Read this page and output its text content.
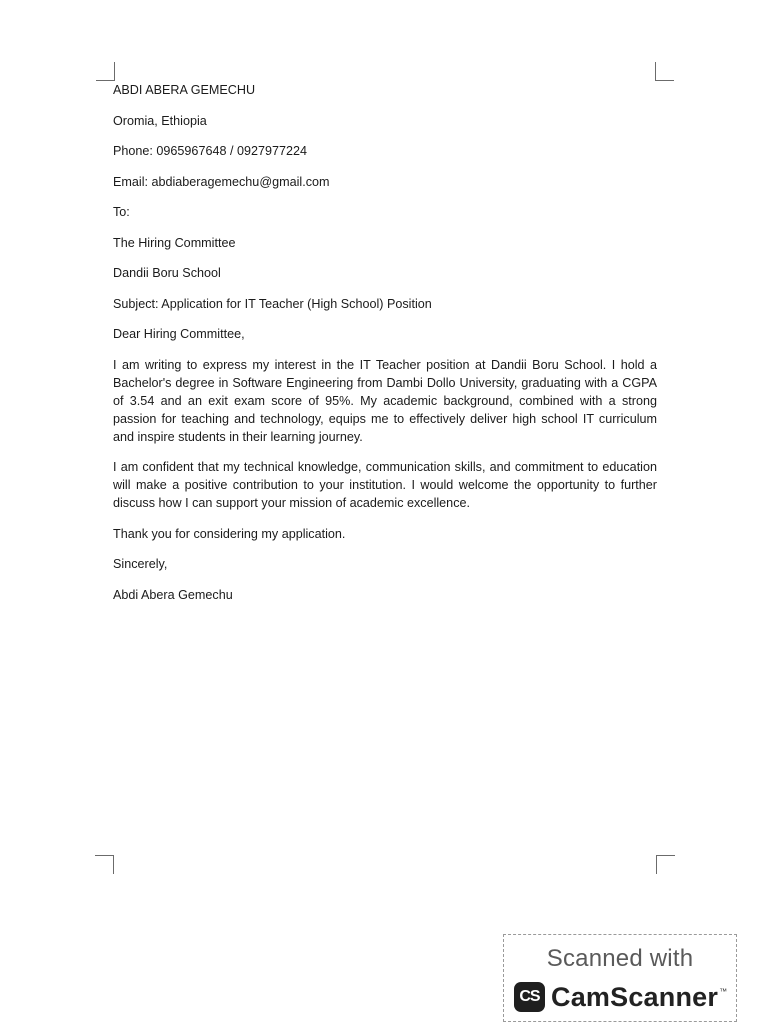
ABDI ABERA GEMECHU

Oromia, Ethiopia

Phone: 0965967648 / 0927977224

Email: abdiaberagemechu@gmail.com

To:

The Hiring Committee

Dandii Boru School

Subject: Application for IT Teacher (High School) Position

Dear Hiring Committee,

I am writing to express my interest in the IT Teacher position at Dandii Boru School. I hold a Bachelor's degree in Software Engineering from Dambi Dollo University, graduating with a CGPA of 3.54 and an exit exam score of 95%. My academic background, combined with a strong passion for teaching and technology, equips me to effectively deliver high school IT curriculum and inspire students in their learning journey.

I am confident that my technical knowledge, communication skills, and commitment to education will make a positive contribution to your institution. I would welcome the opportunity to further discuss how I can support your mission of academic excellence.

Thank you for considering my application.

Sincerely,

Abdi Abera Gemechu

Scanned with
CS CamScanner ™
